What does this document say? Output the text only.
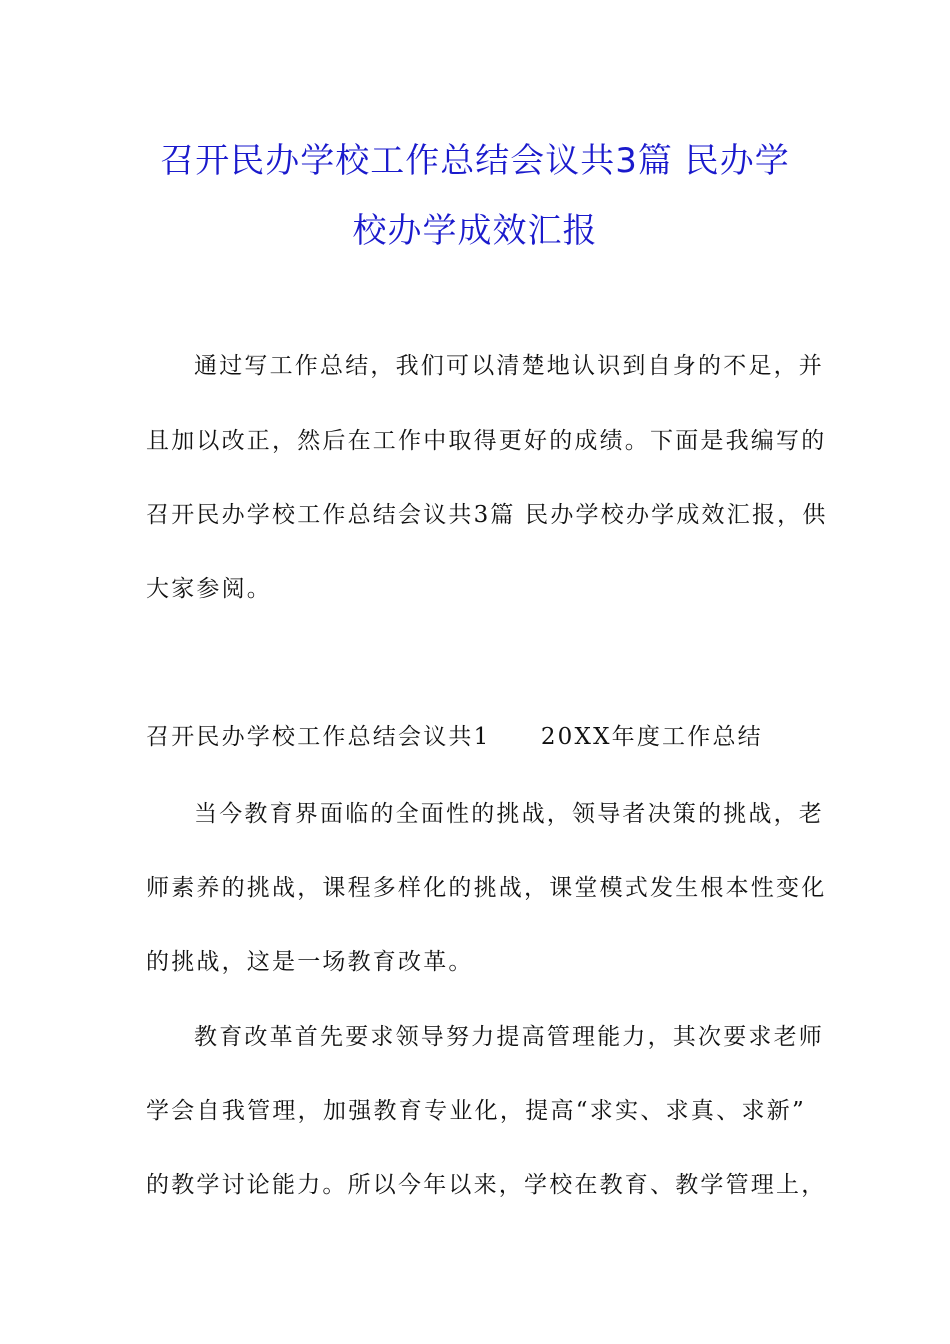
召开民办学校工作总结会议共3篇 民办学
校办学成效汇报
通过写工作总结，我们可以清楚地认识到自身的不足，并
且加以改正，然后在工作中取得更好的成绩。下面是我编写的
召开民办学校工作总结会议共3篇 民办学校办学成效汇报，供
大家参阅。
召开民办学校工作总结会议共1　　20XX年度工作总结
当今教育界面临的全面性的挑战，领导者决策的挑战，老
师素养的挑战，课程多样化的挑战，课堂模式发生根本性变化
的挑战，这是一场教育改革。
教育改革首先要求领导努力提高管理能力，其次要求老师
学会自我管理，加强教育专业化，提高“求实、求真、求新”
的教学讨论能力。所以今年以来，学校在教育、教学管理上，
